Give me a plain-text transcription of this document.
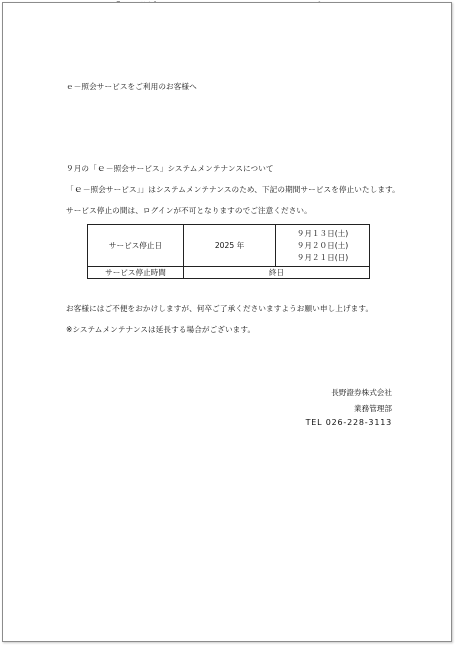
ｅ－照会サービスをご利用のお客様へ
９月の「ｅ－照会サービス」システムメンテナンスについて
「ｅ－照会サービス」」はシステムメンテナンスのため、下記の期間サービスを停止いたします。
サービス停止の間は、ログインが不可となりますのでご注意ください。
サービス停止日	2025 年	９月１３日(土)
９月２０日(土)
９月２１日(日)

サービス停止時間	終日	
お客様にはご不便をおかけしますが、何卒ご了承くださいますようお願い申し上げます。
※システムメンテナンスは延長する場合がございます。
長野證券株式会社
業務管理部
TEL 026-228-3113
